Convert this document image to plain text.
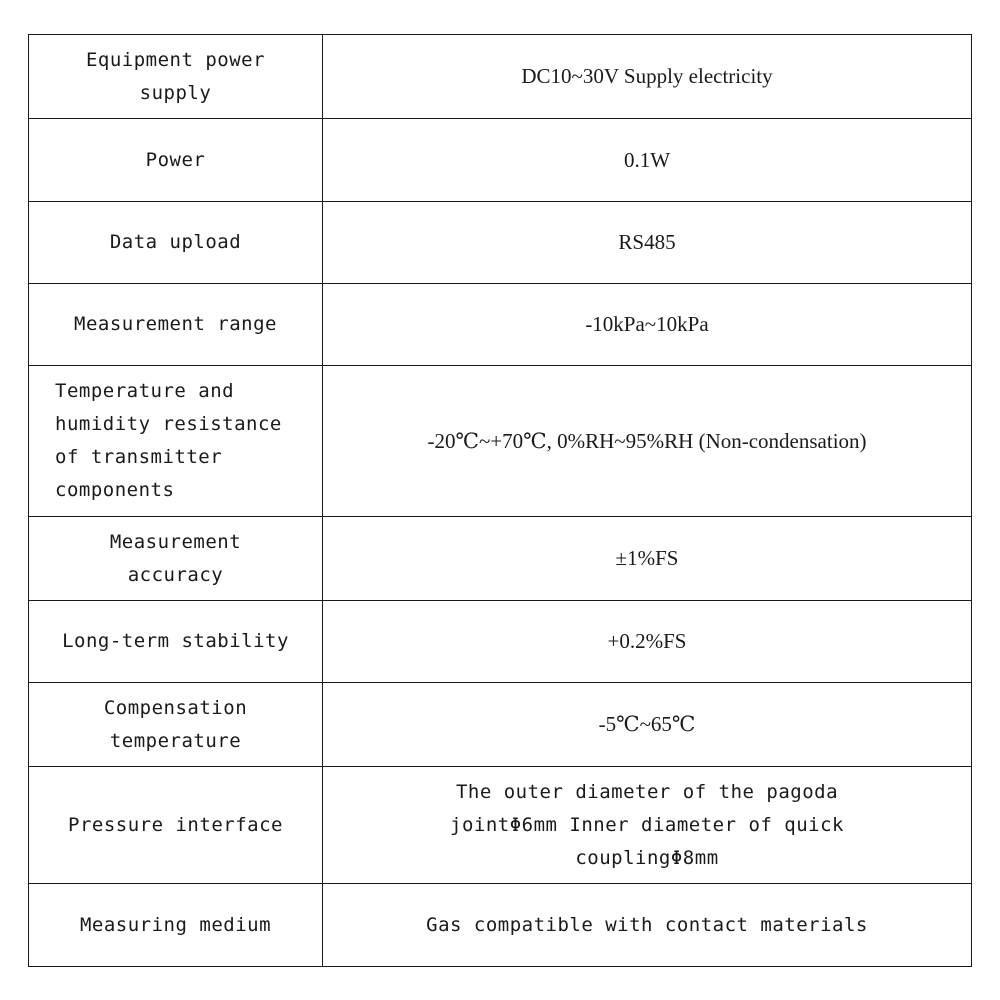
Equipment power supply	DC10~30V Supply electricity
Power	0.1W
Data upload	RS485
Measurement range	-10kPa~10kPa
Temperature and humidity resistance of transmitter components	-20℃~+70℃, 0%RH~95%RH (Non-condensation)
Measurement accuracy	±1%FS
Long-term stability	+0.2%FS
Compensation temperature	-5℃~65℃
Pressure interface	The outer diameter of the pagoda jointΦ6mm Inner diameter of quick couplingΦ8mm
Measuring medium	Gas compatible with contact materials
